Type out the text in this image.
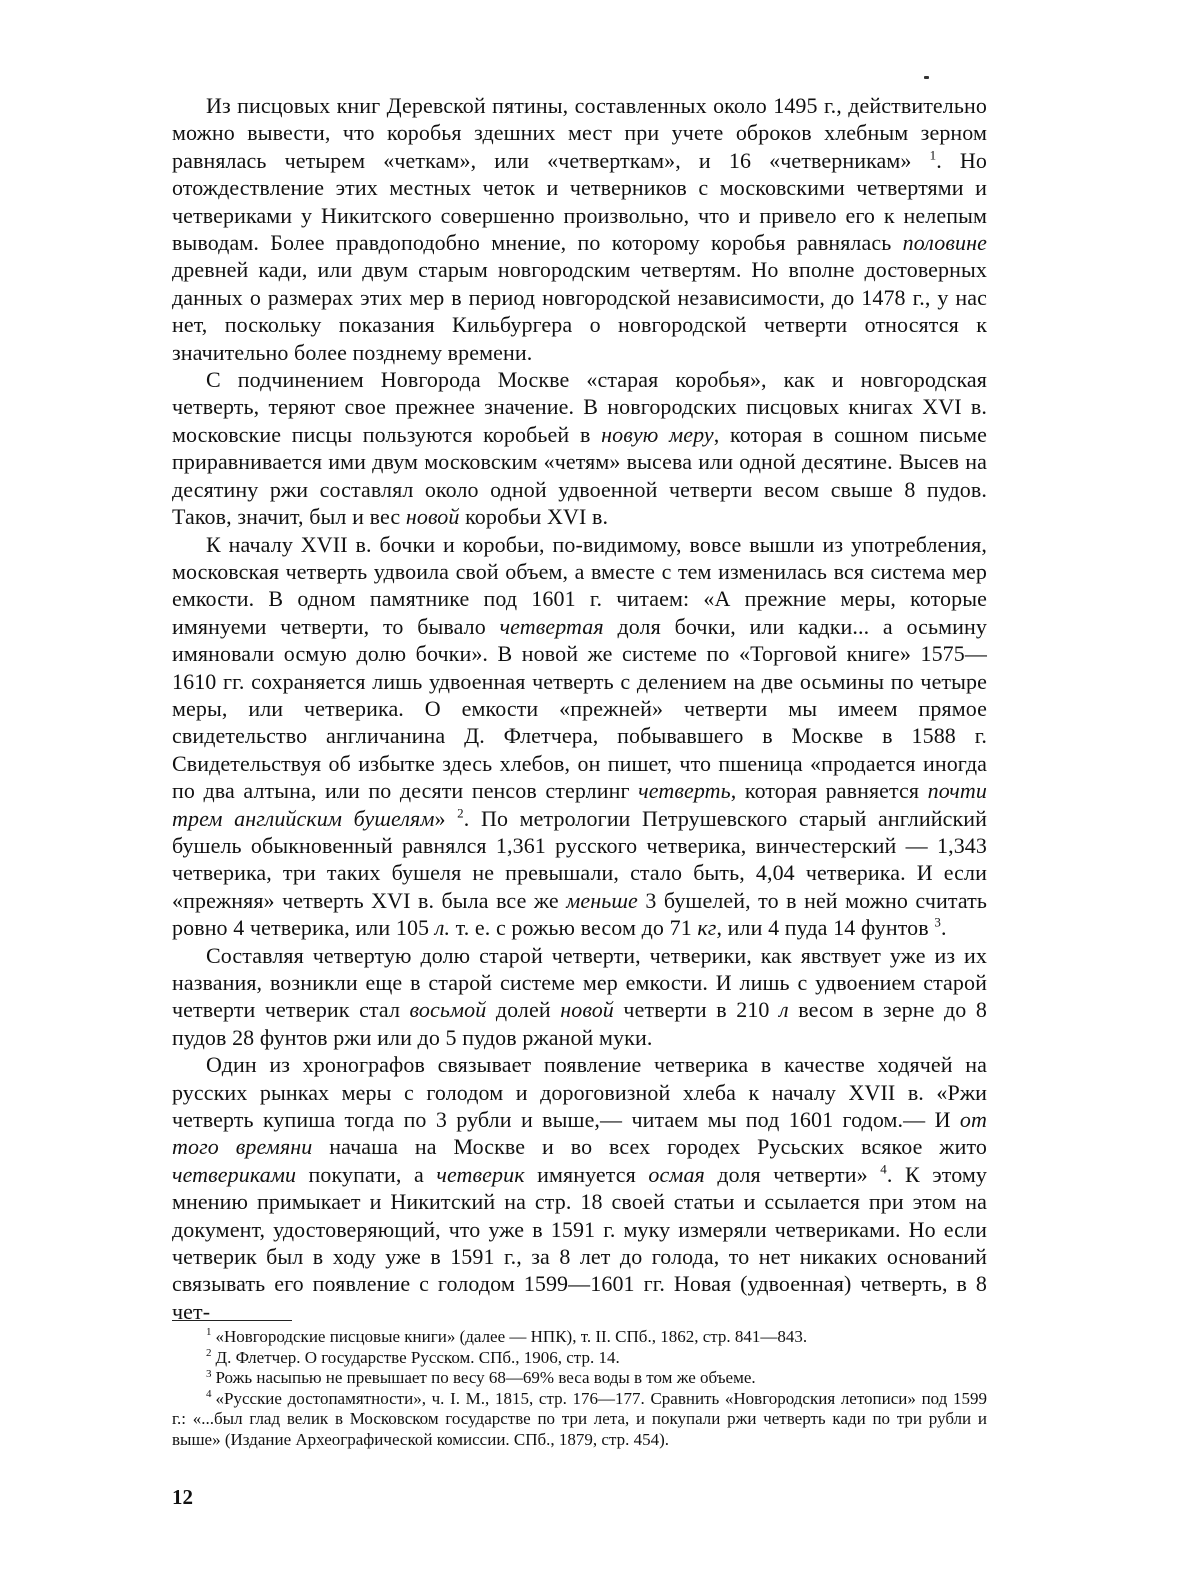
Из писцовых книг Деревской пятины, составленных около 1495 г., действительно можно вывести, что коробья здешних мест при учете оброков хлебным зерном равнялась четырем «четкам», или «четверткам», и 16 «четверникам» $^1$. Но отождествление этих местных четок и четверников с московскими четвертями и четвериками у Никитского совершенно произвольно, что и привело его к нелепым выводам. Более правдоподобно мнение, по которому коробья равнялась половине древней кади, или двум старым новгородским четвертям. Но вполне достоверных данных о размерах этих мер в период новгородской независимости, до 1478 г., у нас нет, поскольку показания Кильбургера о новгородской четверти относятся к значительно более позднему времени.

С подчинением Новгорода Москве «старая коробья», как и новгородская четверть, теряют свое прежнее значение. В новгородских писцовых книгах XVI в. московские писцы пользуются коробьей в новую меру, которая в сошном письме приравнивается ими двум московским «четям» высева или одной десятине. Высев на десятину ржи составлял около одной удвоенной четверти весом свыше 8 пудов. Таков, значит, был и вес новой коробьи XVI в.

К началу XVII в. бочки и коробьи, по-видимому, вовсе вышли из употребления, московская четверть удвоила свой объем, а вместе с тем изменилась вся система мер емкости. В одном памятнике под 1601 г. читаем: «А прежние меры, которые имянуеми четверти, то бывало четвертая доля бочки, или кадки... а осьмину имяновали осмую долю бочки». В новой же системе по «Торговой книге» 1575—1610 гг. сохраняется лишь удвоенная четверть с делением на две осьмины по четыре меры, или четверика. О емкости «прежней» четверти мы имеем прямое свидетельство англичанина Д. Флетчера, побывавшего в Москве в 1588 г. Свидетельствуя об избытке здесь хлебов, он пишет, что пшеница «продается иногда по два алтына, или по десяти пенсов стерлинг четверть, которая равняется почти трем английским бушелям» $^2$. По метрологии Петрушевского старый английский бушель обыкновенный равнялся 1,361 русского четверика, винчестерский — 1,343 четверика, три таких бушеля не превышали, стало быть, 4,04 четверика. И если «прежняя» четверть XVI в. была все же меньше 3 бушелей, то в ней можно считать ровно 4 четверика, или 105 л. т. е. с рожью весом до 71 кг, или 4 пуда 14 фунтов $^3$.

Составляя четвертую долю старой четверти, четверики, как явствует уже из их названия, возникли еще в старой системе мер емкости. И лишь с удвоением старой четверти четверик стал восьмой долей новой четверти в 210 л весом в зерне до 8 пудов 28 фунтов ржи или до 5 пудов ржаной муки.

Один из хронографов связывает появление четверика в качестве ходячей на русских рынках меры с голодом и дороговизной хлеба к началу XVII в. «Ржи четверть купиша тогда по 3 рубли и выше,— читаем мы под 1601 годом.— И от того времяни начаша на Москве и во всех городех Русьских всякое жито четвериками покупати, а четверик имянуется осмая доля четверти» $^4$. К этому мнению примыкает и Никитский на стр. 18 своей статьи и ссылается при этом на документ, удостоверяющий, что уже в 1591 г. муку измеряли четвериками. Но если четверик был в ходу уже в 1591 г., за 8 лет до голода, то нет никаких оснований связывать его появление с голодом 1599—1601 гг. Новая (удвоенная) четверть, в 8 чет-

$^1$ «Новгородские писцовые книги» (далее — НПК), т. II. СПб., 1862, стр. 841—843.

$^2$ Д. Флетчер. О государстве Русском. СПб., 1906, стр. 14.

$^3$ Рожь насыпью не превышает по весу 68—69% веса воды в том же объеме.

$^4$ «Русские достопамятности», ч. I. М., 1815, стр. 176—177. Сравнить «Новгородския летописи» под 1599 г.: «...был глад велик в Московском государстве по три лета, и покупали ржи четверть кади по три рубли и выше» (Издание Археографической комиссии. СПб., 1879, стр. 454).

12
